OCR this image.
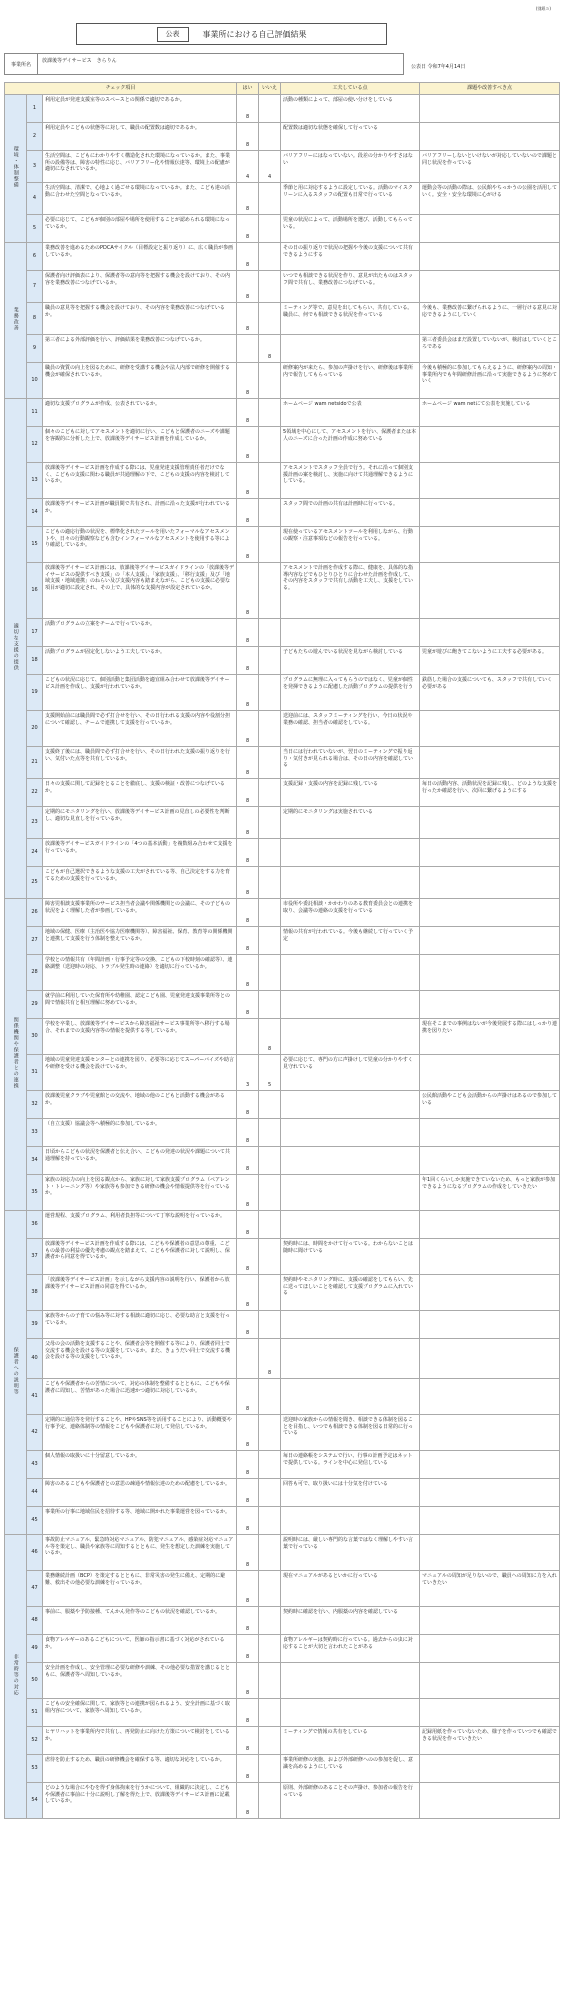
(別紙５)
公表	事業所における自己評価結果
事業所名
放課後等デイサービス　きらりん
公表日 令和7年4月14日
チェック項目			はい	いいえ	工夫している点	課題や改善すべき点
環境・体制整備	1	利用定員が発達支援室等のスペースとの関係で適切であるか。	8		活動の種類によって、部屋の使い分けをしている	
	2	利用定員やこどもの状態等に対して、職員の配置数は適切であるか。	8		配置数は適切な状態を確保して行っている	
	3	生活空間は、こどもにわかりやすく構造化された環境になっているか。また、事業所の設備等は、障害の特性に応じ、バリアフリー化や情報伝達等、環境上の配慮が適切になされているか。	4	4	バリアフリーにはなっていない。段差の分かりやすさはない	バリアフリーしないといけないが対応していないので課題と同じ状況を作っている
	4	生活空間は、清潔で、心地よく過ごせる環境になっているか。また、こども達の活動に合わせた空間となっているか。	8		季節と用に対応するように設定している。活動のマイスクリーンに入るスタッフの配置も日常で行っている	運動会等の活動の際は、公民館やちっかうの公園を活用していく。安全・安全な環境に心がける
	5	必要に応じて、こどもが個別の部屋や場所を使用することが認められる環境になっているか。	8		児童の状況によって、活動場所を選び、活動してもらっている。	
業務改善	6	業務改善を進めるためのPDCAサイクル（目標設定と振り返り）に、広く職員が参画しているか。	8		その日の振り返りで状況の把握や今後の支援について共有できるようにする	
	7	保護者向け評価表により、保護者等の意向等を把握する機会を設けており、その内容を業務改善につなげているか。	8		いつでも相談できる状況を作り、意見が出たものはスタッフ間で共有し、業務改善につなげている。	
	8	職員の意見等を把握する機会を設けており、その内容を業務改善につなげているか。	8		ミーティング等で、意見を出してもらい、共有している。職員に、何でも相談できる状況を作っている	今後も、業務改善に繋げられるように、一層行ける意見に対応できるようにしていく
	9	第三者による外部評価を行い、評価結果を業務改善につなげているか。		8		第三者委員会はまだ設置していないが、検討はしていくところである
	10	職員の資質の向上を図るために、研修を受講する機会や法人内部で研修を開催する機会が確保されているか。	8		研修案内が来たら、参加の声掛けを行い、研修後は事業所内で報告してもらっている	今後も積極的に参加してもらえるように、研修案内の周知・事業所内でも年間研修計画に沿って実施できるように努めていく
適切な支援の提供	11	適切な支援プログラムが作成、公表されているか。	8		ホームページ wam netsidoで公表	ホームページ wam netにて公表を実施している
	12	個々のこどもに対してアセスメントを適切に行い、こどもと保護者のニーズや課題を客観的に分析した上で、放課後等デイサービス計画を作成しているか。	8		5領域を中心にして、アセスメントを行い、保護者または本人のニーズに合った計画の作成に努めている	
	13	放課後等デイサービス計画を作成する際には、児童発達支援管理責任者だけでなく、こどもの支援に関わる職員が共通理解の下で、こどもの支援の内容を検討しているか。	8		アセスメントでスタッフ全員で行う。それに沿って個別支援計画の案を検討し、実施に向けて共通理解できるようにしている。	
	14	放課後等デイサービス計画が職員間で共有され、計画に沿った支援が行われているか。	8		スタッフ間での計画の共有は計画時に行っている。	
	15	こどもの適応行動の状況を、標準化されたツールを用いたフォーマルなアセスメントや、日々の行動観察なども含むインフォーマルなアセスメントを使用する等により確認しているか。	8		現在使っているアセスメントツールを利用しながら、行動の観察・注意事項などの報告を行っている。	
	16	放課後等デイサービス計画には、放課後等デイサービスガイドラインの「放課後等デイサービスの提供すべき支援」の「本人支援」、「家族支援」、「移行支援」及び「地域支援・地域連携」のねらい及び支援内容も踏まえながら、こどもの支援に必要な項目が適切に設定され、その上で、具体的な支援内容が設定されているか。	8		アセスメントで計画を作成する際に、健康を、具体的な指導内容などでもひとりひとりに合わせた計画を作成して、その内容をスタッフで共有し活動を工夫し、支援をしている。	
	17	活動プログラムの立案をチームで行っているか。	8			
	18	活動プログラムが固定化しないよう工夫しているか。	8		子どもたちの遊んでいる状況を見ながら検討している	児童が遊びに飽きてこないように工夫する必要がある。
	19	こどもの状況に応じて、個別活動と集団活動を適宜組み合わせて放課後等デイサービス計画を作成し、支援が行われているか。	8		プログラムに無理に入ってもらうのではなく、児童が個性を発揮できるように配慮した活動プログラムの提供を行う	鉄筋した場合の支援についても、スタッフで共有していく必要がある
	20	支援開始前には職員間で必ず打合せを行い、その日行われる支援の内容や役割分担について確認し、チームで連携して支援を行っているか。	8		送迎前には、スタッフミーティングを行い、今日の状況や業務の確認、担当者の確認をしている。	
	21	支援終了後には、職員間で必ず打合せを行い、その日行われた支援の振り返りを行い、気付いた点等を共有しているか。	8		当日には行われていないが、翌日のミーティングで振り返り・気付きが見られる場合は、その日の内容を確認している	
	22	日々の支援に関して記録をとることを徹底し、支援の検証・改善につなげているか。	8		支援記録・支援の内容を記録に残している	毎日の活動内容、活動状況を記録に残し、どのような支援を行ったか確認を行い、次回に繋げるようにする
	23	定期的にモニタリングを行い、放課後等デイサービス計画の見直しの必要性を判断し、適切な見直しを行っているか。	8		定期的にモニタリングは実施されている	
	24	放課後等デイサービスガイドラインの「4つの基本活動」を複数組み合わせて支援を行っているか。	8			
	25	こどもが自己選択できるような支援の工夫がされている等、自己決定をする力を育てるための支援を行っているか。	8			
関係機関や保護者との連携	26	障害児相談支援事業所のサービス担当者会議や関係機関との会議に、その子どもの状況をよく理解した者が参画しているか。	8		市役所や委託相談・かかわりのある教育委員会との連携を取り、会議等の連絡の支援を行っている	
	27	地域の保健、医療（主治医や協力医療機関等）、障害福祉、保育、教育等の関係機関と連携して支援を行う体制を整えているか。	8		情報の共有が行われている。今後も継続して行っていく予定	
	28	学校との情報共有（年間計画・行事予定等の交換、こどもの下校時刻の確認等）、連絡調整（送迎時の対応、トラブル発生時の連絡）を適切に行っているか。	8			
	29	就学前に利用していた保育所や幼稚園、認定こども園、児童発達支援事業所等との間で情報共有と相互理解に努めているか。	8			
	30	学校を卒業し、放課後等デイサービスから障害福祉サービス事業所等へ移行する場合、それまでの支援内容等の情報を提供する等しているか。		8		現在そこまでの事例はないが今後発展する際にはしっかり連携を図りたい
	31	地域の児童発達支援センターとの連携を図り、必要等に応じてスーパーバイズや助言や研修を受ける機会を設けているか。	3	5	必要に応じて、専門の方に声掛けして児童の分かりやすく見守れている	
	32	放課後児童クラブや児童館との交流や、地域の他のこどもと活動する機会があるか。	8			公民館活動やこども会活動からの声掛けはあるので参加している
	33	（自立支援）協議会等へ積極的に参加しているか。	8			
	34	日頃からこどもの状況を保護者と伝え合い、こどもの発達の状況や課題について共通理解を持っているか。	8			
	35	家族の対応力の向上を図る観点から、家族に対して家族支援プログラム（ペアレント・トレーニング等）や家族等も参加できる研修の機会や情報提供等を行っているか。	8			年1回くらいしか実施できていないため、もっと家族が参加できるようになるプログラムの作成をしていきたい
保護者への説明等	36	運営規程、支援プログラム、利用者負担等について丁寧な説明を行っているか。	8			
	37	放課後等デイサービス計画を作成する際には、こどもや保護者の意思の尊重、こどもの最善の利益の優先考慮の観点を踏まえて、こどもや保護者に対して説明し、保護者から同意を得ているか。	8		契約時には、時間をかけて行っている。わからないことは随時に聞けている	
	38	「放課後等デイサービス計画」を示しながら支援内容の説明を行い、保護者から放課後等デイサービス計画の同意を得ているか。	8		契約時やモニタリング時に、支援の確認をしてもらい、先に送ってほしいことを確認して支援プログラムに入れている	
	39	家族等からの子育ての悩み等に対する相談に適切に応じ、必要な助言と支援を行っているか。	8			
	40	父母の会の活動を支援することや、保護者会等を開催する等により、保護者同士で交流する機会を設ける等の支援をしているか。また、きょうだい同士で交流する機会を設ける等の支援をしているか。		8		
	41	こどもや保護者からの苦情について、対応の体制を整備するとともに、こどもや保護者に周知し、苦情があった場合に迅速かつ適切に対応しているか。	8			
	42	定期的に通信等を発行することや、HPやSNS等を活用することにより、活動概要や行事予定、連絡体制等の情報をこどもや保護者に対して発信しているか。	8		送迎時の家族からの情報を聞き、相談できる体制を図ることを目指し、いつでも相談できる体制を図る日常的に行っている	
	43	個人情報の取扱いに十分留意しているか。	8		毎日の連絡帳をシステムで行い、行事の計画予定はネットで提供している。ラインを中心に発信している	
	44	障害のあるこどもや保護者との意思の疎通や情報伝達のための配慮をしているか。	8		回答も可で、取り扱いには十分気を付けている	
	45	事業所の行事に地域住民を招待する等、地域に開かれた事業運営を図っているか。	8			
非常時等の対応	46	事故防止マニュアル、緊急時対応マニュアル、防犯マニュアル、感染症対応マニュアル等を策定し、職員や家族等に周知するとともに、発生を想定した訓練を実施しているか。	8		説明時には、厳しい専門的な言葉ではなく理解しやすい言葉で行っている	
	47	業務継続計画（BCP）を策定するとともに、非常災害の発生に備え、定期的に避難、救出その他必要な訓練を行っているか。	8		現在マニュアルがあるといかに行っている	マニュアルの周知が足りないので、職員への周知に力を入れていきたい
	48	事前に、服薬や予防接種、てんかん発作等のこどもの状況を確認しているか。	8		契約時に確認を行い、内服薬の内容を確認している	
	49	食物アレルギーのあるこどもについて、医師の指示書に基づく対応がされているか。	8		食物アレルギーは契約時に行っている。過去からの虫に対応することが大切と言われたことがある	
	50	安全計画を作成し、安全管理に必要な研修や訓練、その他必要な措置を講じるとともに、保護者等へ周知しているか。	8			
	51	こどもの安全確保に関して、家族等との連携が図られるよう、安全計画に基づく取組内容について、家族等へ周知しているか。	8			
	52	ヒヤリハットを事業所内で共有し、再発防止に向けた方策について検討をしているか。	8		ミーティングで情報の共有をしている	記録用紙を作っていないため、様子を作っていつでも確認できる状況を作っていきたい
	53	虐待を防止するため、職員の研修機会を確保する等、適切な対応をしているか。	8		事業所研修の実施、および外部研修へのの参加を促し、意識を高めるようにしている	
	54	どのような場合にやむを得ず身体拘束を行うかについて、組織的に決定し、こどもや保護者に事前に十分に説明し了解を得た上で、放課後等デイサービス計画に記載しているか。	8		原則、外部研修のあることその声掛け、参加者の報告を行っている	
